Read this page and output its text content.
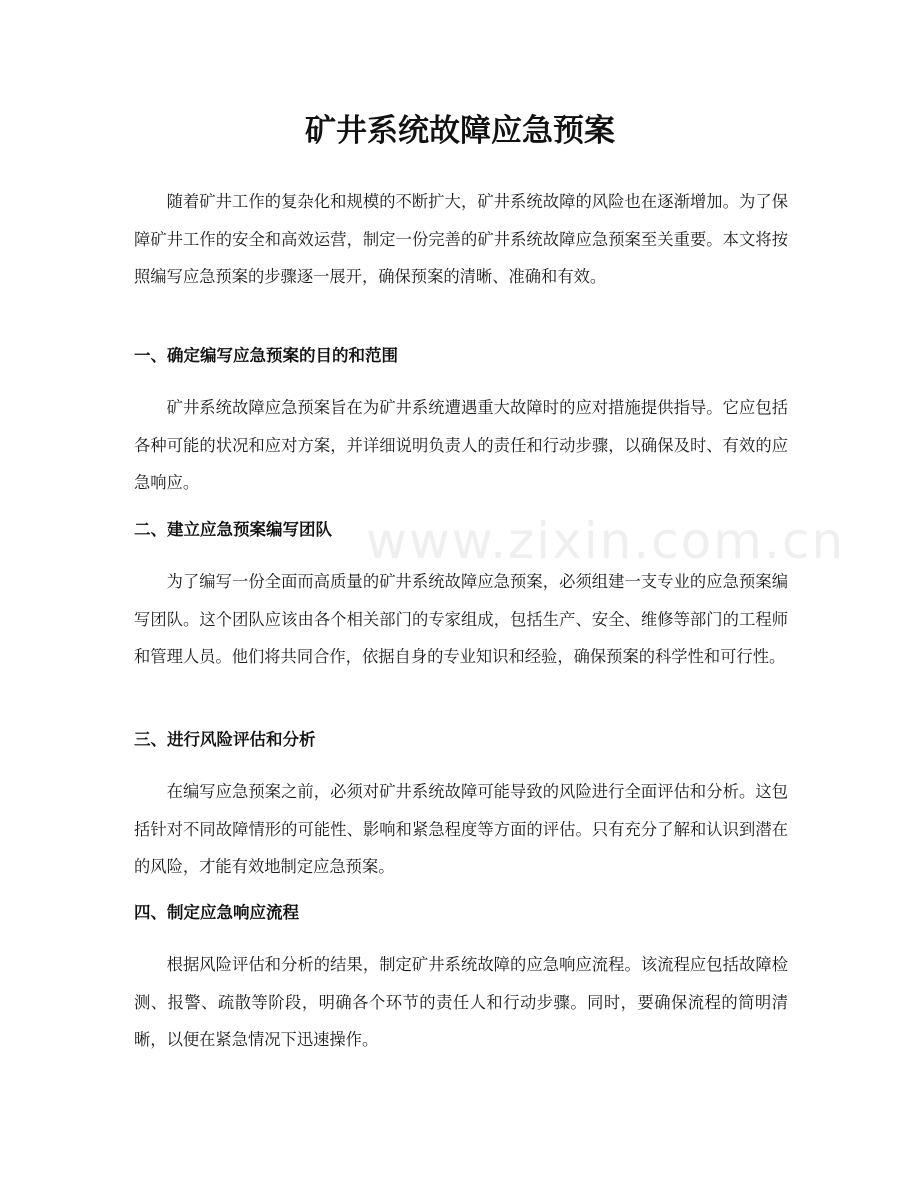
矿井系统故障应急预案

随着矿井工作的复杂化和规模的不断扩大，矿井系统故障的风险也在逐渐增加。为了保障矿井工作的安全和高效运营，制定一份完善的矿井系统故障应急预案至关重要。本文将按照编写应急预案的步骤逐一展开，确保预案的清晰、准确和有效。

一、确定编写应急预案的目的和范围

矿井系统故障应急预案旨在为矿井系统遭遇重大故障时的应对措施提供指导。它应包括各种可能的状况和应对方案，并详细说明负责人的责任和行动步骤，以确保及时、有效的应急响应。

二、建立应急预案编写团队

为了编写一份全面而高质量的矿井系统故障应急预案，必须组建一支专业的应急预案编写团队。这个团队应该由各个相关部门的专家组成，包括生产、安全、维修等部门的工程师和管理人员。他们将共同合作，依据自身的专业知识和经验，确保预案的科学性和可行性。

三、进行风险评估和分析

在编写应急预案之前，必须对矿井系统故障可能导致的风险进行全面评估和分析。这包括针对不同故障情形的可能性、影响和紧急程度等方面的评估。只有充分了解和认识到潜在的风险，才能有效地制定应急预案。

四、制定应急响应流程

根据风险评估和分析的结果，制定矿井系统故障的应急响应流程。该流程应包括故障检测、报警、疏散等阶段，明确各个环节的责任人和行动步骤。同时，要确保流程的简明清晰，以便在紧急情况下迅速操作。

www.zixin.com.cn
